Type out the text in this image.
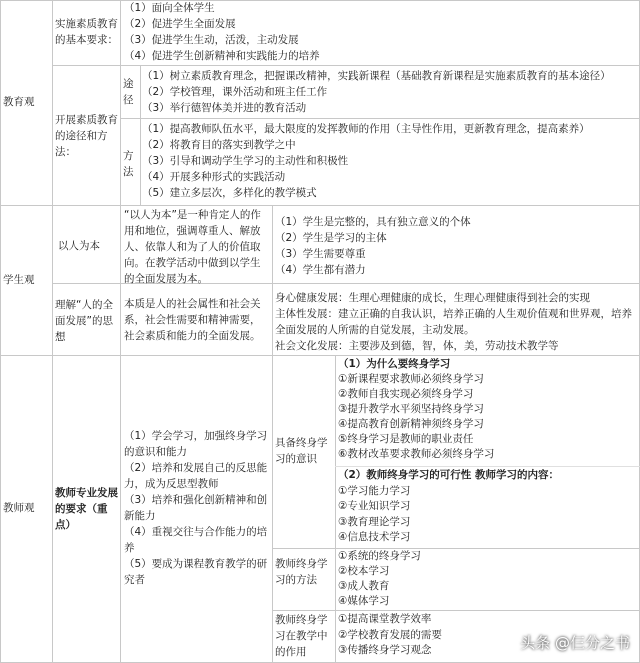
教育观
实施素质教育的基本要求：
（1）面向全体学生
（2）促进学生全面发展
（3）促进学生生动，活泼，主动发展
（4）促进学生创新精神和实践能力的培养
开展素质教育的途径和方法：
途径
（1）树立素质教育理念，把握课改精神，实践新课程（基础教育新课程是实施素质教育的基本途径）
（2）学校管理，课外活动和班主任工作
（3）举行德智体美并进的教育活动
方法
（1）提高教师队伍水平，最大限度的发挥教师的作用（主导性作用，更新教育理念，提高素养）
（2）将教育目的落实到教学之中
（3）引导和调动学生学习的主动性和积极性
（4）开展多种形式的实践活动
（5）建立多层次，多样化的教学模式
学生观
以人为本
“以人为本”是一种肯定人的作用和地位，强调尊重人、解放人、依靠人和为了人的价值取向。在教学活动中做到以学生的全面发展为本。
（1）学生是完整的，具有独立意义的个体
（2）学生是学习的主体
（3）学生需要尊重
（4）学生都有潜力
理解“人的全面发展”的思想
本质是人的社会属性和社会关系，社会性需要和精神需要，社会素质和能力的全面发展。
身心健康发展：生理心理健康的成长，生理心理健康得到社会的实现
主体性发展：建立正确的自我认识，培养正确的人生观价值观和世界观，培养全面发展的人所需的自觉发展，主动发展。
社会文化发展：主要涉及到德，智，体，美，劳动技术教学等
教师观
教师专业发展的要求（重点）
（1）学会学习，加强终身学习的意识和能力
（2）培养和发展自己的反思能力，成为反思型教师
（3）培养和强化创新精神和创新能力
（4）重视交往与合作能力的培养
（5）要成为课程教育教学的研究者
具备终身学习的意识
（1）为什么要终身学习
①新课程要求教师必须终身学习
②教师自我实现必须终身学习
③提升教学水平须坚持终身学习
④提高教育创新精神须终身学习
⑤终身学习是教师的职业责任
⑥教材改革要求教师必须终身学习
（2）教师终身学习的可行性 教师学习的内容：
①学习能力学习
②专业知识学习
③教育理论学习
④信息技术学习
教师终身学习的方法
①系统的终身学习
②校本学习
③成人教育
④媒体学习
教师终身学习在教学中的作用
①提高课堂教学效率
②学校教育发展的需要
③传播终身学习观念	头条 @仨分之书
